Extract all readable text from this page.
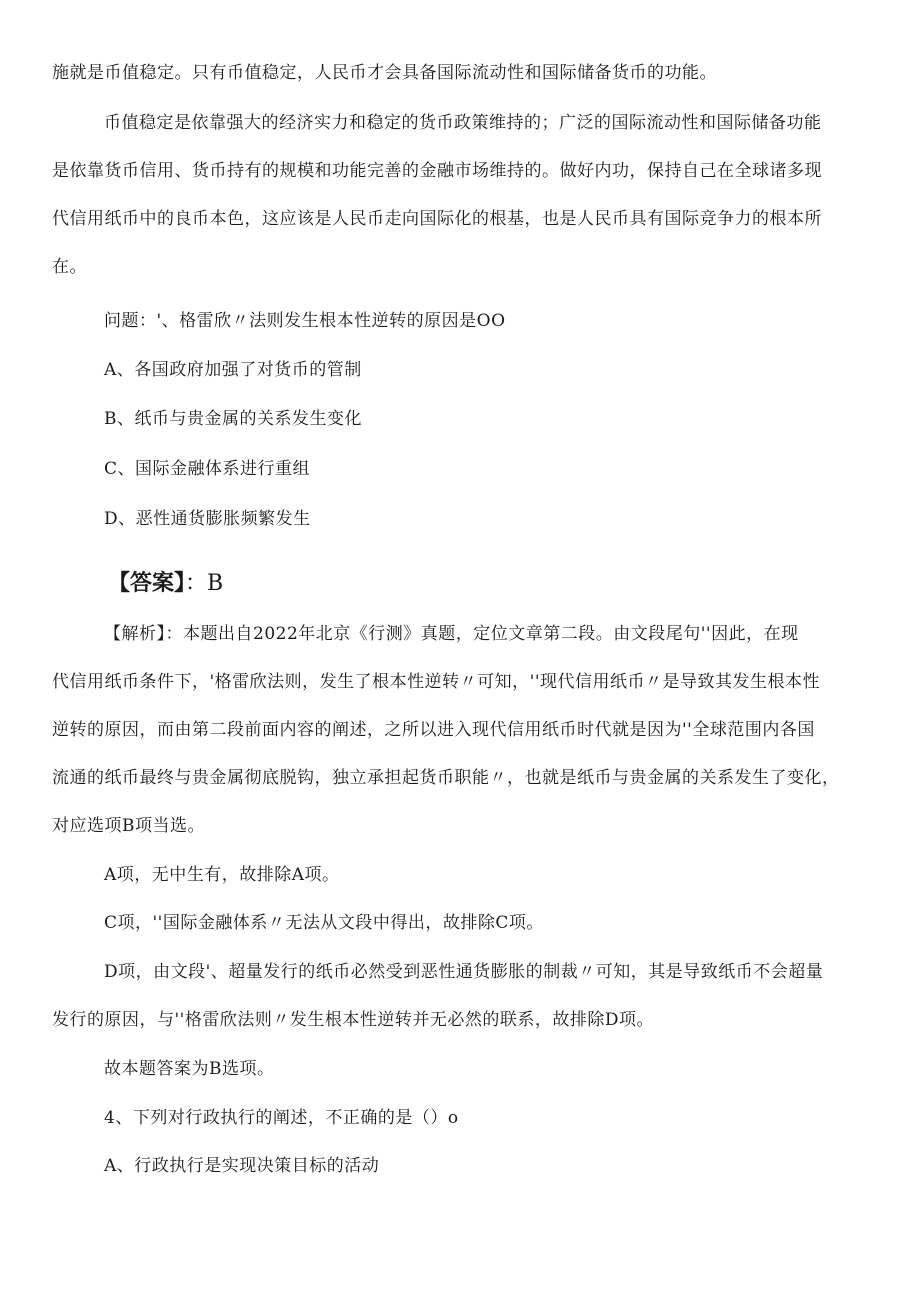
施就是币值稳定。只有币值稳定，人民币才会具备国际流动性和国际储备货币的功能。
币值稳定是依靠强大的经济实力和稳定的货币政策维持的；广泛的国际流动性和国际储备功能
是依靠货币信用、货币持有的规模和功能完善的金融市场维持的。做好内功，保持自己在全球诸多现
代信用纸币中的良币本色，这应该是人民币走向国际化的根基，也是人民币具有国际竞争力的根本所
在。
问题：'、格雷欣〃法则发生根本性逆转的原因是OO
A、各国政府加强了对货币的管制
B、纸币与贵金属的关系发生变化
C、国际金融体系进行重组
D、恶性通货膨胀频繁发生
【答案】：B
【解析】：本题出自2022年北京《行测》真题，定位文章第二段。由文段尾句''因此，在现
代信用纸币条件下，'格雷欣法则，发生了根本性逆转〃可知，''现代信用纸币〃是导致其发生根本性
逆转的原因，而由第二段前面内容的阐述，之所以进入现代信用纸币时代就是因为''全球范围内各国
流通的纸币最终与贵金属彻底脱钩，独立承担起货币职能〃，也就是纸币与贵金属的关系发生了变化，
对应选项B项当选。
A项，无中生有，故排除A项。
C项，''国际金融体系〃无法从文段中得出，故排除C项。
D项，由文段'、超量发行的纸币必然受到恶性通货膨胀的制裁〃可知，其是导致纸币不会超量
发行的原因，与''格雷欣法则〃发生根本性逆转并无必然的联系，故排除D项。
故本题答案为B选项。
4、下列对行政执行的阐述，不正确的是（）o
A、行政执行是实现决策目标的活动
